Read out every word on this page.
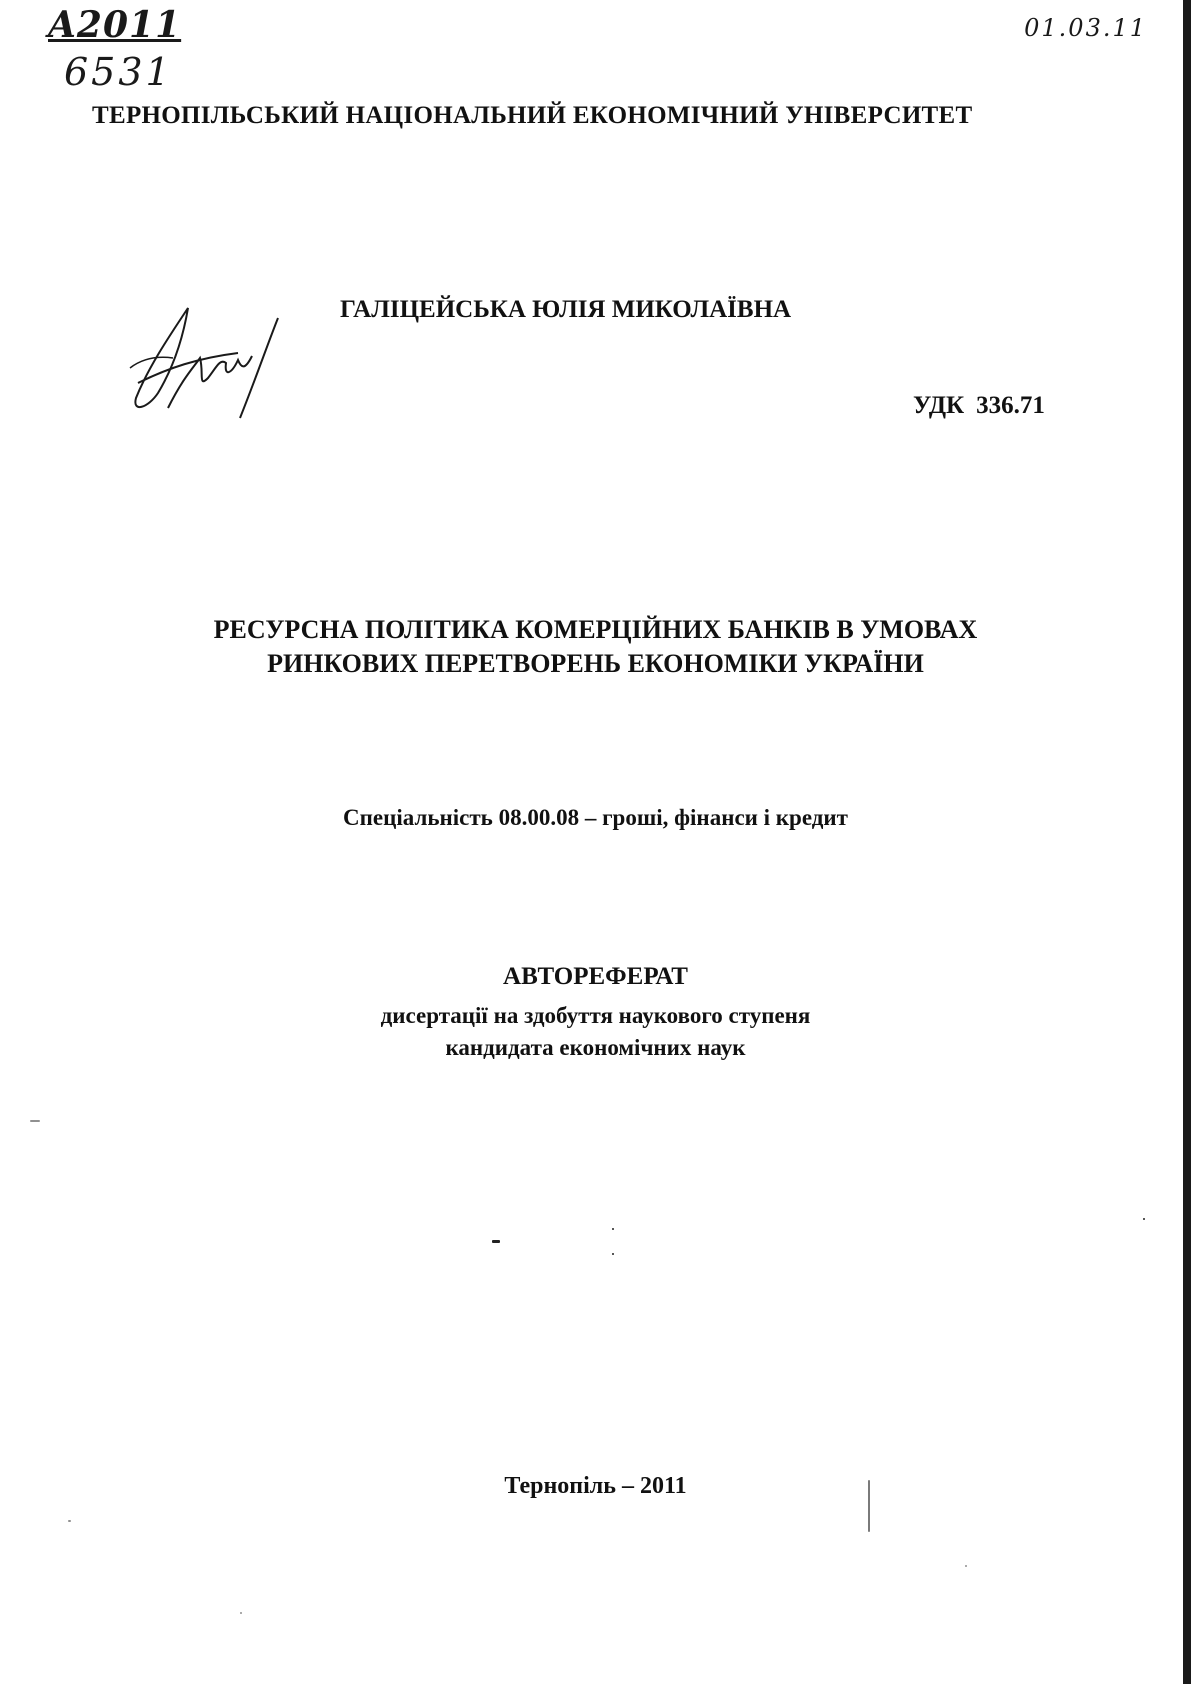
A2011
6531
01.03.11
ТЕРНОПІЛЬСЬКИЙ НАЦІОНАЛЬНИЙ ЕКОНОМІЧНИЙ УНІВЕРСИТЕТ
ГАЛІЦЕЙСЬКА ЮЛІЯ МИКОЛАЇВНА
УДК 336.71
РЕСУРСНА ПОЛІТИКА КОМЕРЦІЙНИХ БАНКІВ В УМОВАХ
РИНКОВИХ ПЕРЕТВОРЕНЬ ЕКОНОМІКИ УКРАЇНИ
Спеціальність 08.00.08 – гроші, фінанси і кредит
АВТОРЕФЕРАТ
дисертації на здобуття наукового ступеня
кандидата економічних наук
Тернопіль – 2011
